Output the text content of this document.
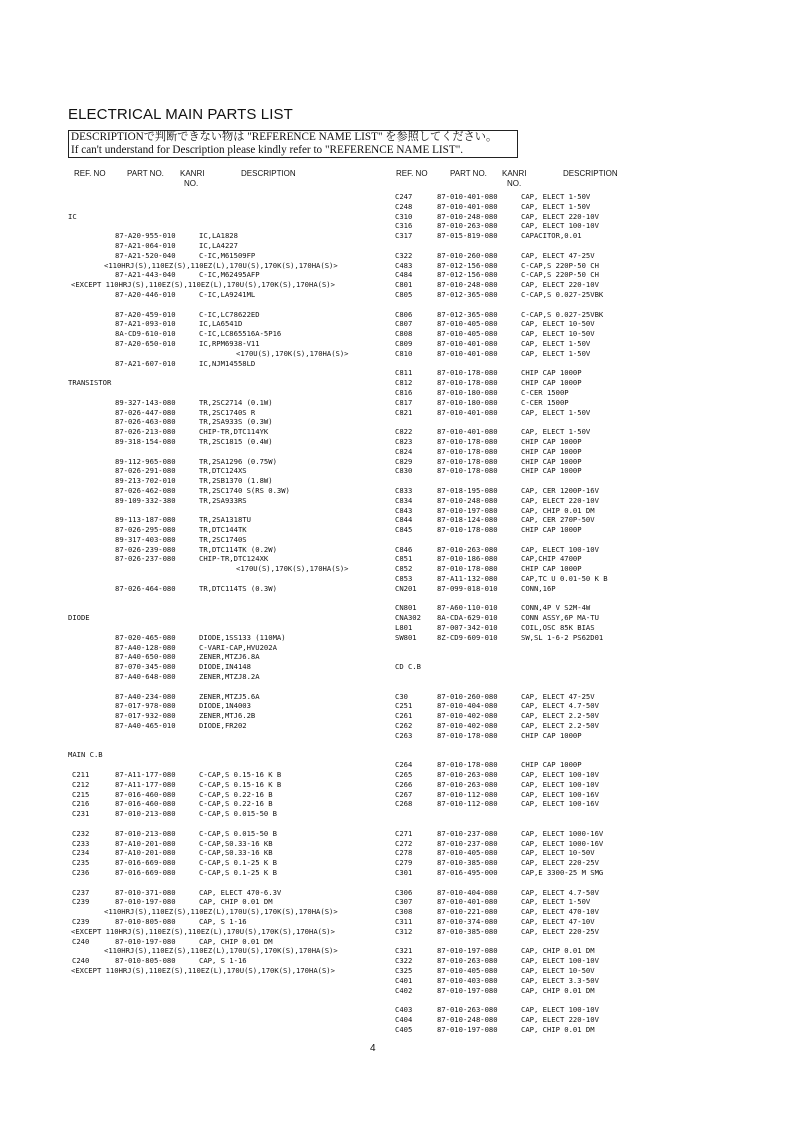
ELECTRICAL MAIN PARTS LIST
DESCRIPTIONで判断できない物は "REFERENCE NAME LIST" を参照してください。
If can't understand for Description please kindly refer to "REFERENCE NAME LIST".
REF. NO	PART NO. KANRI
NO.
DESCRIPTION	REF. NO	PART NO. KANRI
NO.
DESCRIPTION
IC
87-A20-955-010	IC,LA1828
87-A21-064-010	IC,LA4227
87-A21-520-040	C-IC,M61509FP
<110HRJ(S),110EZ(S),110EZ(L),170U(S),170K(S),170HA(S)>
87-A21-443-040	C-IC,M62495AFP
<EXCEPT 110HRJ(S),110EZ(S),110EZ(L),170U(S),170K(S),170HA(S)>
87-A20-446-010	C-IC,LA9241ML
87-A20-459-010	C-IC,LC78622ED
87-A21-093-010	IC,LA6541D
8A-CD9-610-010	C-IC,LC865516A-5P16
87-A20-650-010	IC,RPM6938-V11
<170U(S),170K(S),170HA(S)>
87-A21-607-010	IC,NJM14558LD
TRANSISTOR
89-327-143-080	TR,2SC2714 (0.1W)
87-026-447-080	TR,2SC1740S R
87-026-463-080	TR,2SA933S (0.3W)
87-026-213-080	CHIP-TR,DTC114YK
89-318-154-080	TR,2SC1815 (0.4W)
89-112-965-080	TR,2SA1296 (0.75W)
87-026-291-080	TR,DTC124XS
89-213-702-010	TR,2SB1370 (1.8W)
87-026-462-080	TR,2SC1740 S(RS 0.3W)
89-109-332-380	TR,2SA933RS
89-113-187-080	TR,2SA1318TU
87-026-295-080	TR,DTC144TK
89-317-403-080	TR,2SC1740S
87-026-239-080	TR,DTC114TK (0.2W)
87-026-237-080	CHIP-TR,DTC124XK
<170U(S),170K(S),170HA(S)>
87-026-464-080	TR,DTC114TS (0.3W)
DIODE
87-020-465-080	DIODE,1SS133 (110MA)
87-A40-128-080	C-VARI-CAP,HVU202A
87-A40-650-080	ZENER,MTZJ6.8A
87-070-345-080	DIODE,IN4148
87-A40-648-080	ZENER,MTZJ8.2A
87-A40-234-080	ZENER,MTZJ5.6A
87-017-978-080	DIODE,1N4003
87-017-932-080	ZENER,MTJ6.2B
87-A40-465-010	DIODE,FR202
MAIN C.B
C211	87-A11-177-080	C-CAP,S 0.15-16 K B
C212	87-A11-177-080	C-CAP,S 0.15-16 K B
C215	87-016-460-080	C-CAP,S 0.22-16 B
C216	87-016-460-080	C-CAP,S 0.22-16 B
C231	87-010-213-080	C-CAP,S 0.015-50 B
C232	87-010-213-080	C-CAP,S 0.015-50 B
C233	87-A10-201-080	C-CAP,S0.33-16 KB
C234	87-A10-201-080	C-CAP,S0.33-16 KB
C235	87-016-669-080	C-CAP,S 0.1-25 K B
C236	87-016-669-080	C-CAP,S 0.1-25 K B
C237	87-010-371-080	CAP, ELECT 470-6.3V
C239	87-010-197-080	CAP, CHIP 0.01 DM
<110HRJ(S),110EZ(S),110EZ(L),170U(S),170K(S),170HA(S)>
C239	87-010-805-080	CAP, S 1-16
<EXCEPT 110HRJ(S),110EZ(S),110EZ(L),170U(S),170K(S),170HA(S)>
C240	87-010-197-080	CAP, CHIP 0.01 DM
<110HRJ(S),110EZ(S),110EZ(L),170U(S),170K(S),170HA(S)>
C240	87-010-805-080	CAP, S 1-16
<EXCEPT 110HRJ(S),110EZ(S),110EZ(L),170U(S),170K(S),170HA(S)>
C247	87-010-401-080	CAP, ELECT 1-50V
C248	87-010-401-080	CAP, ELECT 1-50V
C310	87-010-248-080	CAP, ELECT 220-10V
C316	87-010-263-080	CAP, ELECT 100-10V
C317	87-015-819-080	CAPACITOR,0.01
C322	87-010-260-080	CAP, ELECT 47-25V
C483	87-012-156-080	C-CAP,S 220P-50 CH
C484	87-012-156-080	C-CAP,S 220P-50 CH
C801	87-010-248-080	CAP, ELECT 220-10V
C805	87-012-365-080	C-CAP,S 0.027-25VBK
C806	87-012-365-080	C-CAP,S 0.027-25VBK
C807	87-010-405-080	CAP, ELECT 10-50V
C808	87-010-405-080	CAP, ELECT 10-50V
C809	87-010-401-080	CAP, ELECT 1-50V
C810	87-010-401-080	CAP, ELECT 1-50V
C811	87-010-178-080	CHIP CAP 1000P
C812	87-010-178-080	CHIP CAP 1000P
C816	87-010-180-080	C-CER 1500P
C817	87-010-180-080	C-CER 1500P
C821	87-010-401-080	CAP, ELECT 1-50V
C822	87-010-401-080	CAP, ELECT 1-50V
C823	87-010-178-080	CHIP CAP 1000P
C824	87-010-178-080	CHIP CAP 1000P
C829	87-010-178-080	CHIP CAP 1000P
C830	87-010-178-080	CHIP CAP 1000P
C833	87-018-195-080	CAP, CER 1200P-16V
C834	87-010-248-080	CAP, ELECT 220-10V
C843	87-010-197-080	CAP, CHIP 0.01 DM
C844	87-018-124-080	CAP, CER 270P-50V
C845	87-010-178-080	CHIP CAP 1000P
C846	87-010-263-080	CAP, ELECT 100-10V
C851	87-010-186-080	CAP,CHIP 4700P
C852	87-010-178-080	CHIP CAP 1000P
C853	87-A11-132-080	CAP,TC U 0.01-50 K B
CN201	87-099-018-010	CONN,16P
CN801	87-A60-110-010	CONN,4P V S2M-4W
CNA302 8A-CDA-629-010	CONN ASSY,6P MA-TU
L801	87-007-342-010	COIL,OSC 85K BIAS
SW801	8Z-CD9-609-010	SW,SL 1-6-2 PS62D01
CD C.B
C30	87-010-260-080	CAP, ELECT 47-25V
C251	87-010-404-080	CAP, ELECT 4.7-50V
C261	87-010-402-080	CAP, ELECT 2.2-50V
C262	87-010-402-080	CAP, ELECT 2.2-50V
C263	87-010-178-080	CHIP CAP 1000P
C264	87-010-178-080	CHIP CAP 1000P
C265	87-010-263-080	CAP, ELECT 100-10V
C266	87-010-263-080	CAP, ELECT 100-10V
C267	87-010-112-080	CAP, ELECT 100-16V
C268	87-010-112-080	CAP, ELECT 100-16V
C271	87-010-237-080	CAP, ELECT 1000-16V
C272	87-010-237-080	CAP, ELECT 1000-16V
C278	87-010-405-080	CAP, ELECT 10-50V
C279	87-010-385-080	CAP, ELECT 220-25V
C301	87-016-495-000	CAP,E 3300-25 M SMG
C306	87-010-404-080	CAP, ELECT 4.7-50V
C307	87-010-401-080	CAP, ELECT 1-50V
C308	87-010-221-080	CAP, ELECT 470-10V
C311	87-010-374-080	CAP, ELECT 47-10V
C312	87-010-385-080	CAP, ELECT 220-25V
C321	87-010-197-080	CAP, CHIP 0.01 DM
C322	87-010-263-080	CAP, ELECT 100-10V
C325	87-010-405-080	CAP, ELECT 10-50V
C401	87-010-403-080	CAP, ELECT 3.3-50V
C402	87-010-197-080	CAP, CHIP 0.01 DM
C403	87-010-263-080	CAP, ELECT 100-10V
C404	87-010-248-080	CAP, ELECT 220-10V
C405	87-010-197-080	CAP, CHIP 0.01 DM
4
